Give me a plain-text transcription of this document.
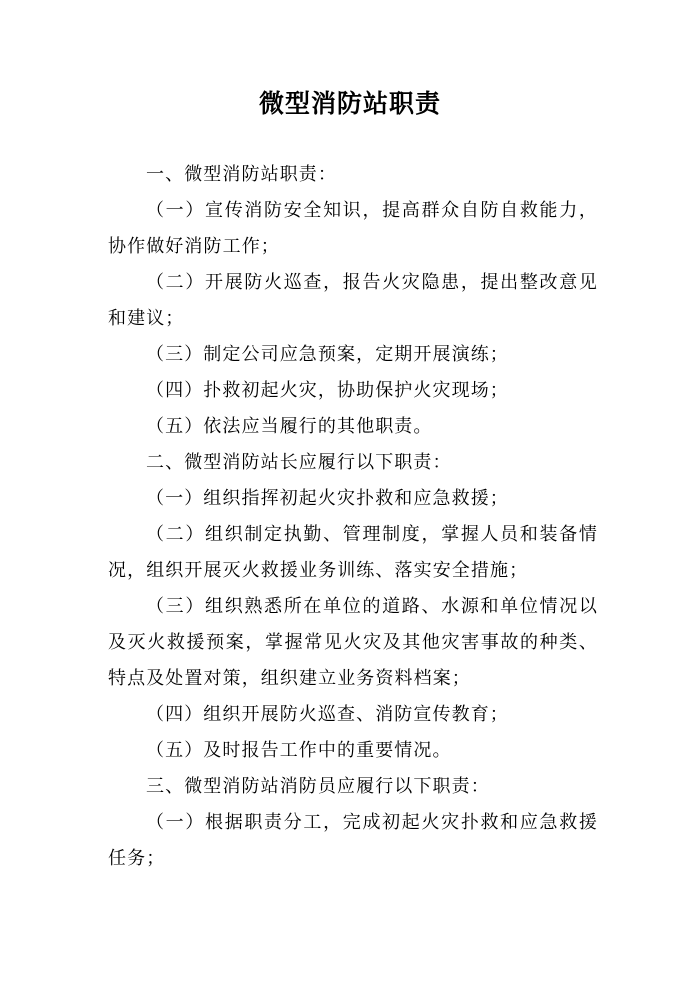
微型消防站职责

一、微型消防站职责：

（一）宣传消防安全知识，提高群众自防自救能力，协作做好消防工作；

（二）开展防火巡查，报告火灾隐患，提出整改意见和建议；

（三）制定公司应急预案，定期开展演练；

（四）扑救初起火灾，协助保护火灾现场；

（五）依法应当履行的其他职责。

二、微型消防站长应履行以下职责：

（一）组织指挥初起火灾扑救和应急救援；

（二）组织制定执勤、管理制度，掌握人员和装备情况，组织开展灭火救援业务训练、落实安全措施；

（三）组织熟悉所在单位的道路、水源和单位情况以及灭火救援预案，掌握常见火灾及其他灾害事故的种类、特点及处置对策，组织建立业务资料档案；

（四）组织开展防火巡查、消防宣传教育；

（五）及时报告工作中的重要情况。

三、微型消防站消防员应履行以下职责：

（一）根据职责分工，完成初起火灾扑救和应急救援任务；
